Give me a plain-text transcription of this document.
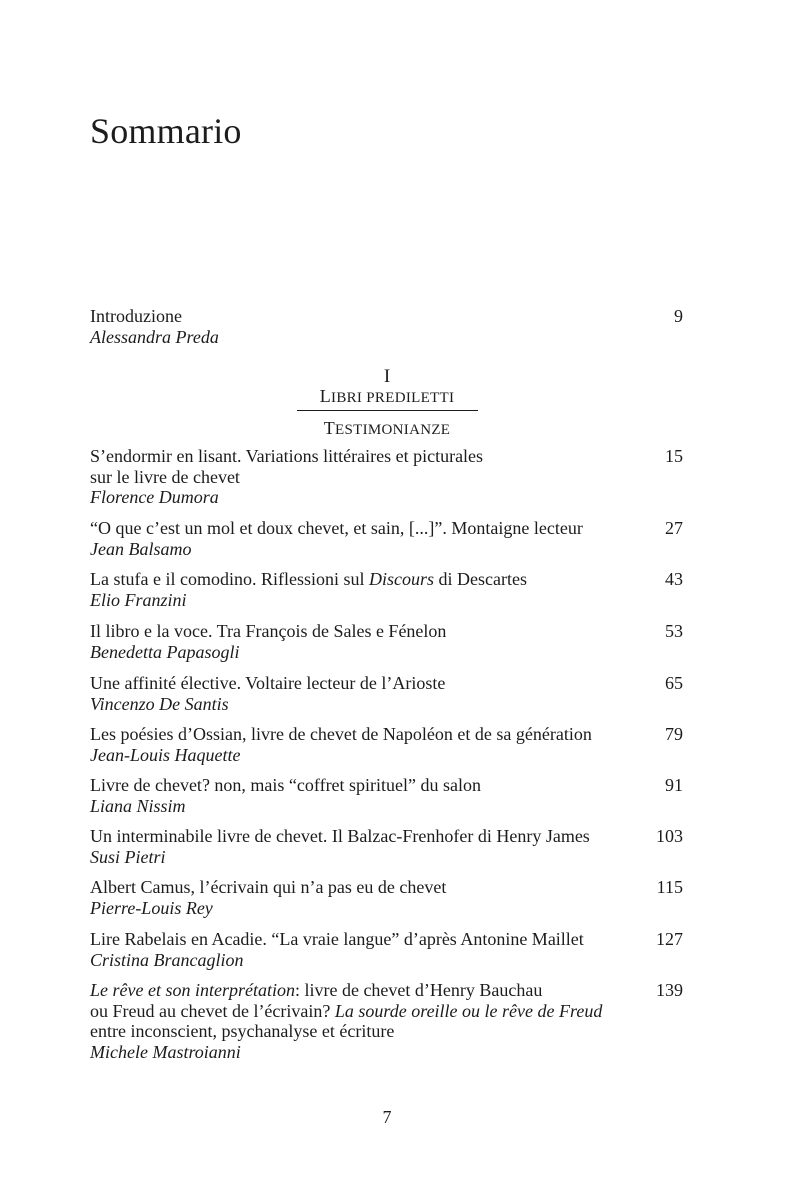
Sommario
Introduzione
Alessandra Preda
9
I
LIBRI PREDILETTI
TESTIMONIANZE
S’endormir en lisant. Variations littéraires et picturales
sur le livre de chevet
Florence Dumora
15
“O que c’est un mol et doux chevet, et sain, [...]”. Montaigne lecteur
Jean Balsamo
27
La stufa e il comodino. Riflessioni sul Discours di Descartes
Elio Franzini
43
Il libro e la voce. Tra François de Sales e Fénelon
Benedetta Papasogli
53
Une affinité élective. Voltaire lecteur de l’Arioste
Vincenzo De Santis
65
Les poésies d’Ossian, livre de chevet de Napoléon et de sa génération
Jean-Louis Haquette
79
Livre de chevet? non, mais “coffret spirituel” du salon
Liana Nissim
91
Un interminabile livre de chevet. Il Balzac-Frenhofer di Henry James
Susi Pietri
103
Albert Camus, l’écrivain qui n’a pas eu de chevet
Pierre-Louis Rey
115
Lire Rabelais en Acadie. “La vraie langue” d’après Antonine Maillet
Cristina Brancaglion
127
Le rêve et son interprétation: livre de chevet d’Henry Bauchau
ou Freud au chevet de l’écrivain? La sourde oreille ou le rêve de Freud
entre inconscient, psychanalyse et écriture
Michele Mastroianni
139
7
